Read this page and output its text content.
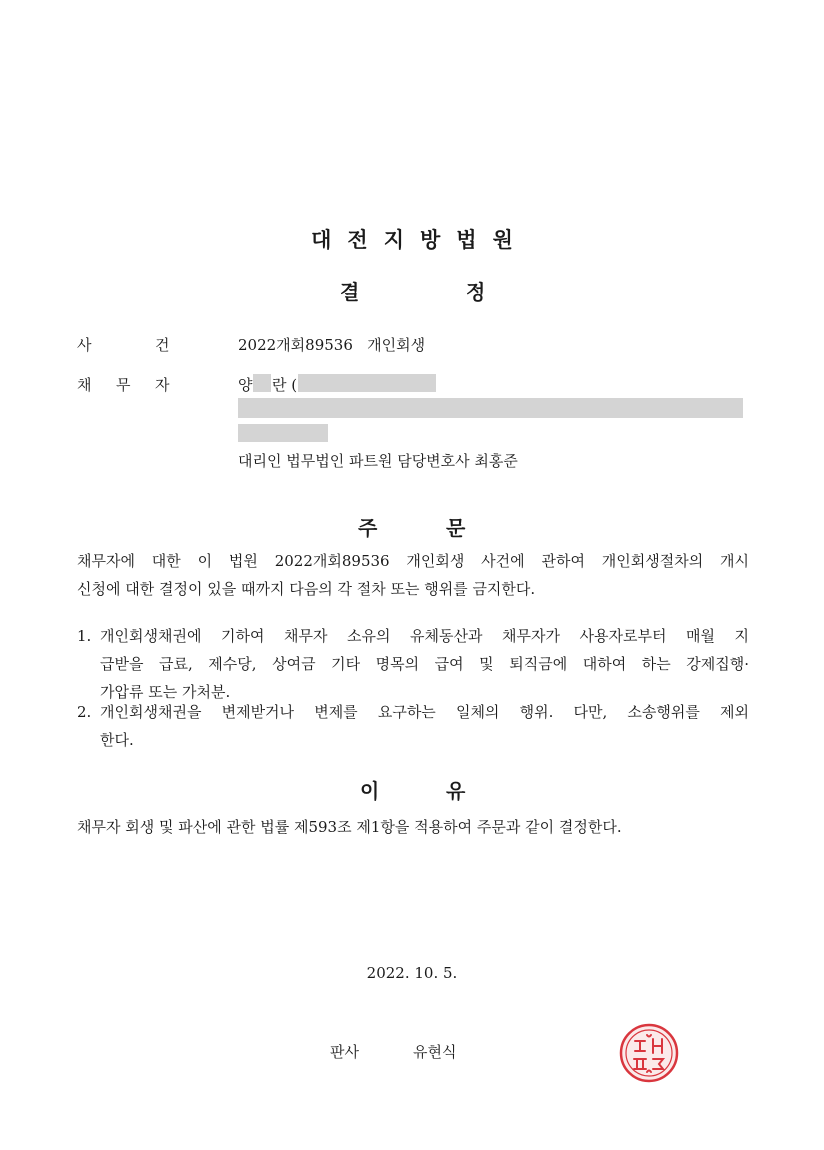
대전지방법원
결	정
사	건	2022개회89536   개인회생
채 무 자	양 란 (
대리인 법무법인 파트원 담당변호사 최홍준
주	문
채무자에 대한 이 법원 2022개회89536 개인회생 사건에 관하여 개인회생절차의 개시
신청에 대한 결정이 있을 때까지 다음의 각 절차 또는 행위를 금지한다.
1. 개인회생채권에 기하여 채무자 소유의 유체동산과 채무자가 사용자로부터 매월 지
급받을 급료, 제수당, 상여금 기타 명목의 급여 및 퇴직금에 대하여 하는 강제집행·
가압류 또는 가처분.
2. 개인회생채권을 변제받거나 변제를 요구하는 일체의 행위. 다만, 소송행위를 제외
한다.
이	유
채무자 회생 및 파산에 관한 법률 제593조 제1항을 적용하여 주문과 같이 결정한다.
2022. 10. 5.
판사	유현식
